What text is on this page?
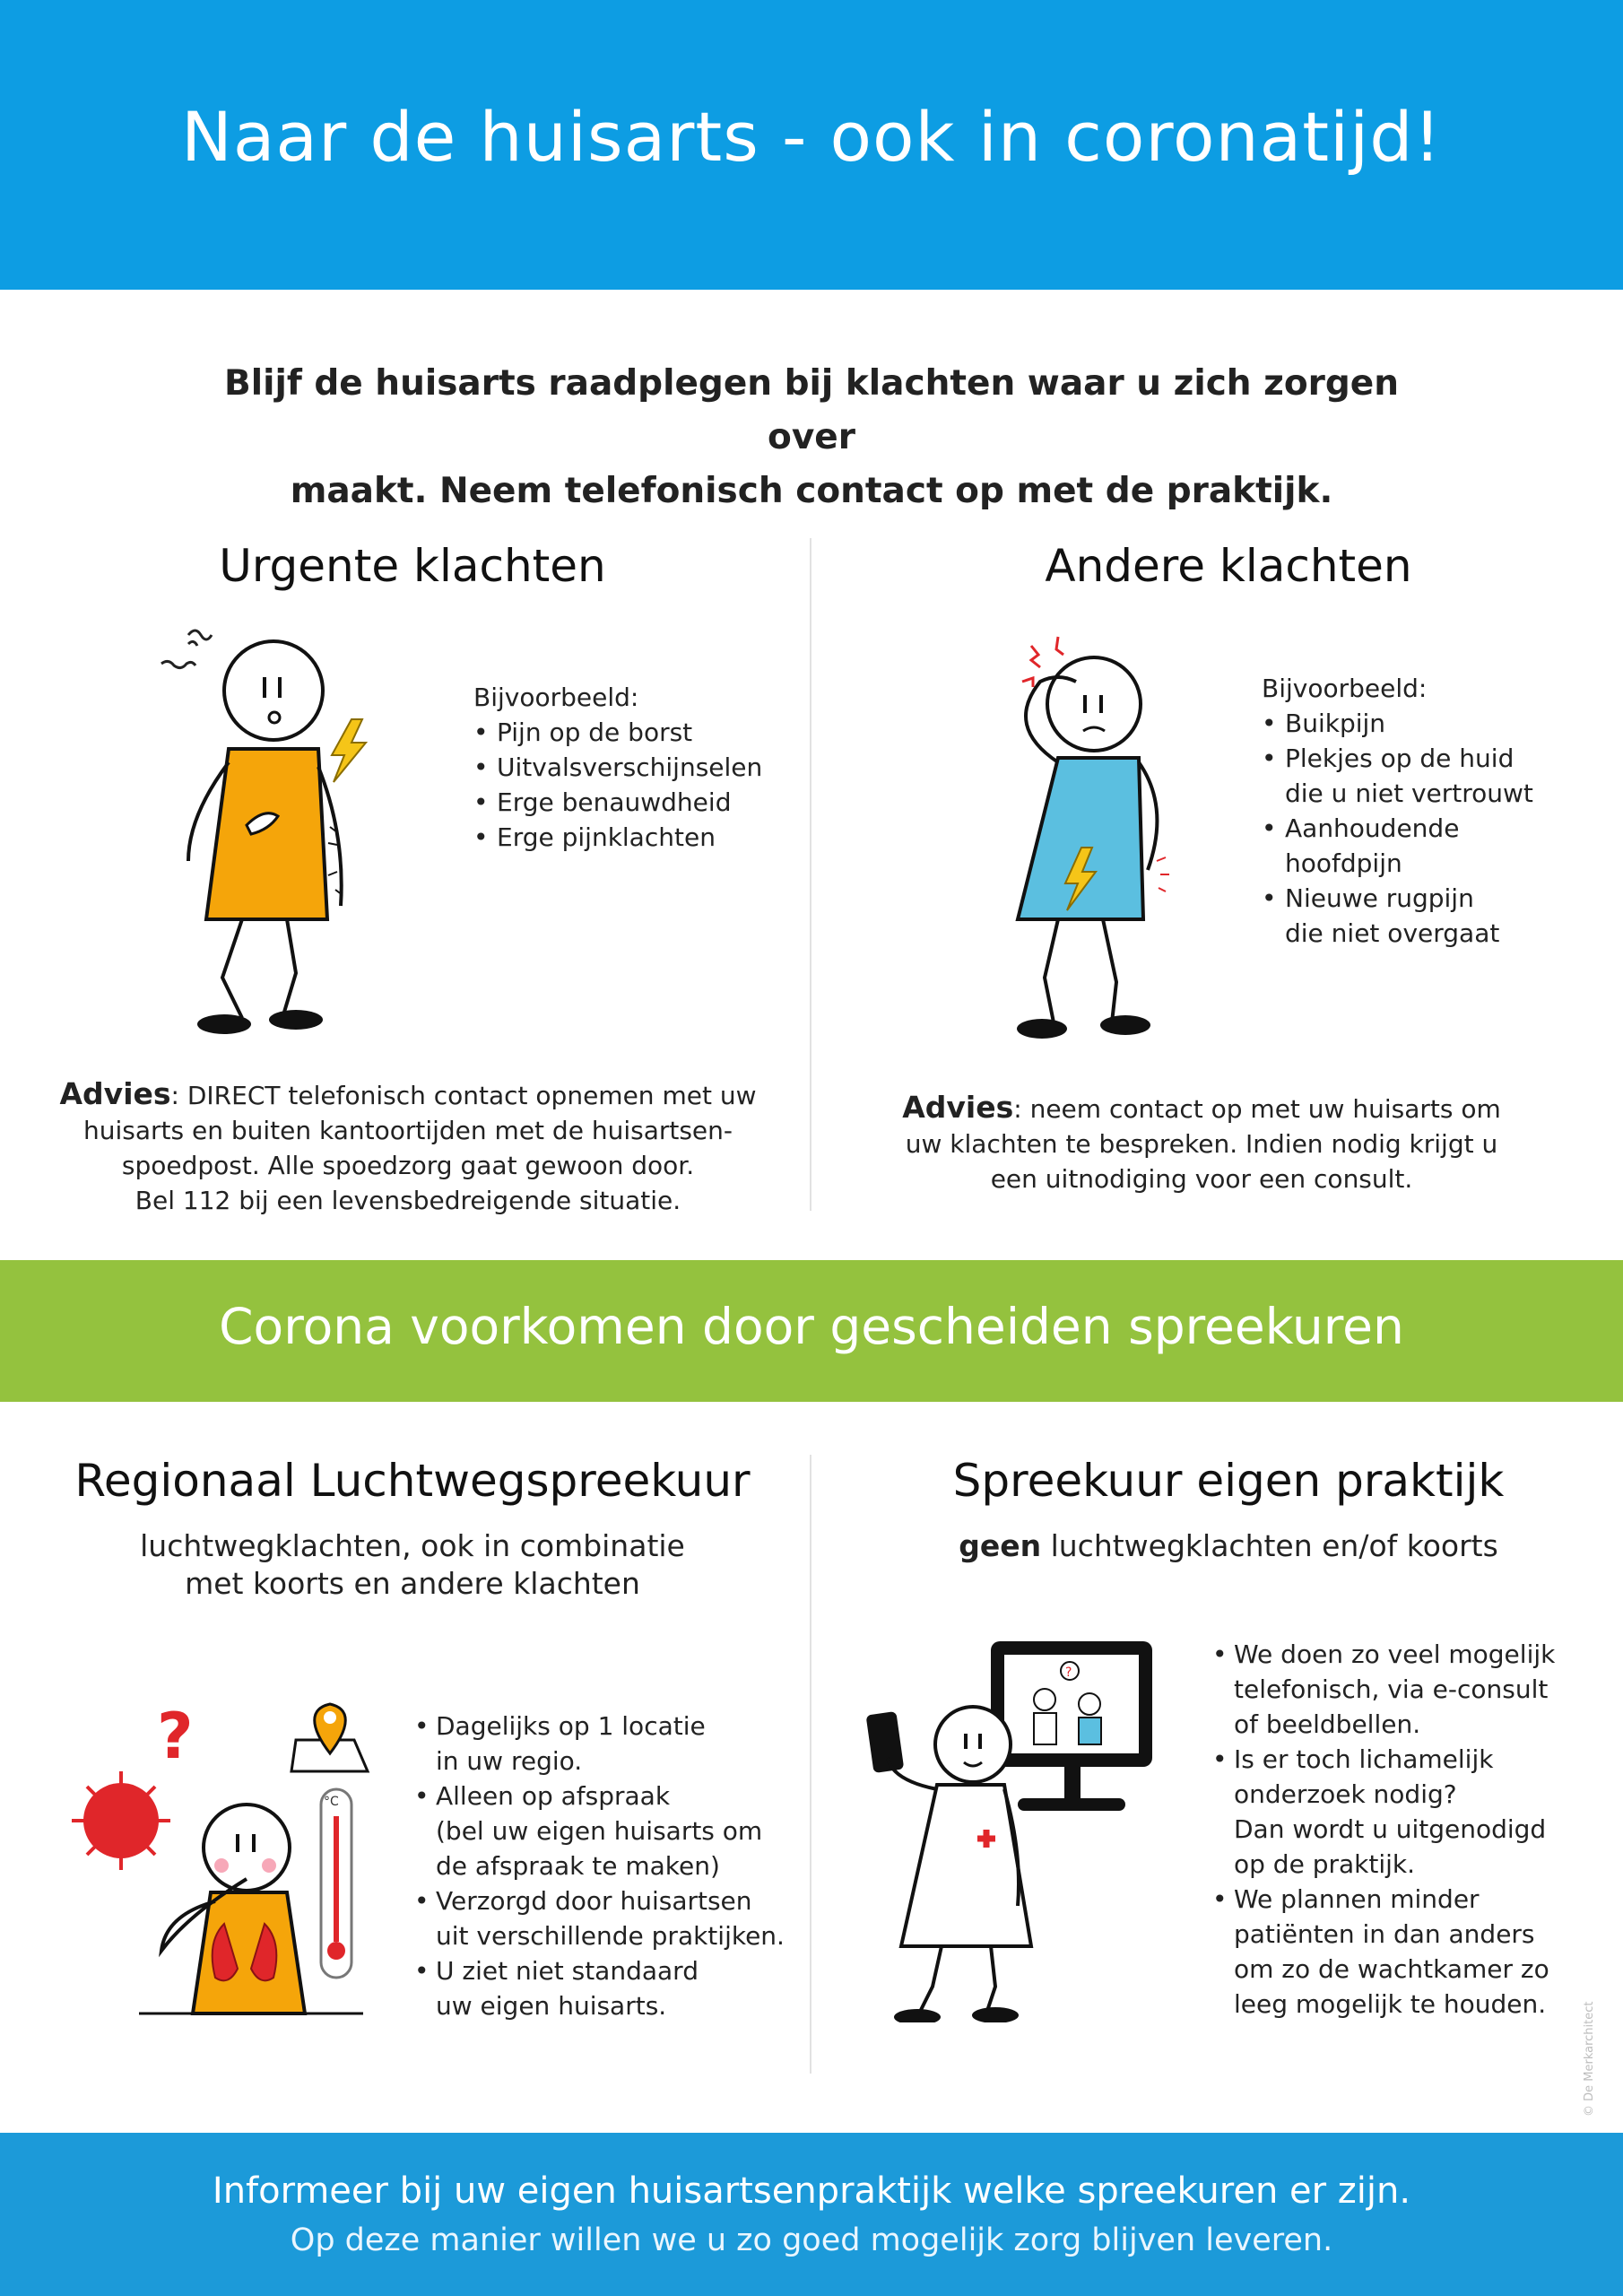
Naar de huisarts - ook in coronatijd!
Blijf de huisarts raadplegen bij klachten waar u zich zorgen over
maakt. Neem telefonisch contact op met de praktijk.
Urgente klachten
Bijvoorbeeld:
• Pijn op de borst
• Uitvalsverschijnselen
• Erge benauwdheid
• Erge pijnklachten
Advies: DIRECT telefonisch contact opnemen met uw
huisarts en buiten kantoortijden met de huisartsen-
spoedpost. Alle spoedzorg gaat gewoon door.
Bel 112 bij een levensbedreigende situatie.
Andere klachten
Bijvoorbeeld:
• Buikpijn
• Plekjes op de huid
die u niet vertrouwt
• Aanhoudende
hoofdpijn
• Nieuwe rugpijn
die niet overgaat
Advies: neem contact op met uw huisarts om
uw klachten te bespreken. Indien nodig krijgt u
een uitnodiging voor een consult.
Corona voorkomen door gescheiden spreekuren
Regionaal Luchtwegspreekuur
luchtwegklachten, ook in combinatie
met koorts en andere klachten
?
°C
• Dagelijks op 1 locatie
in uw regio.
• Alleen op afspraak
(bel uw eigen huisarts om
de afspraak te maken)
• Verzorgd door huisartsen
uit verschillende praktijken.
• U ziet niet standaard
uw eigen huisarts.
Spreekuur eigen praktijk
geen luchtwegklachten en/of koorts
?
• We doen zo veel mogelijk
telefonisch, via e-consult
of beeldbellen.
• Is er toch lichamelijk
onderzoek nodig?
Dan wordt u uitgenodigd
op de praktijk.
• We plannen minder
patiënten in dan anders
om zo de wachtkamer zo
leeg mogelijk te houden.	© De Merkarchitect
Informeer bij uw eigen huisartsenpraktijk welke spreekuren er zijn.
Op deze manier willen we u zo goed mogelijk zorg blijven leveren.
